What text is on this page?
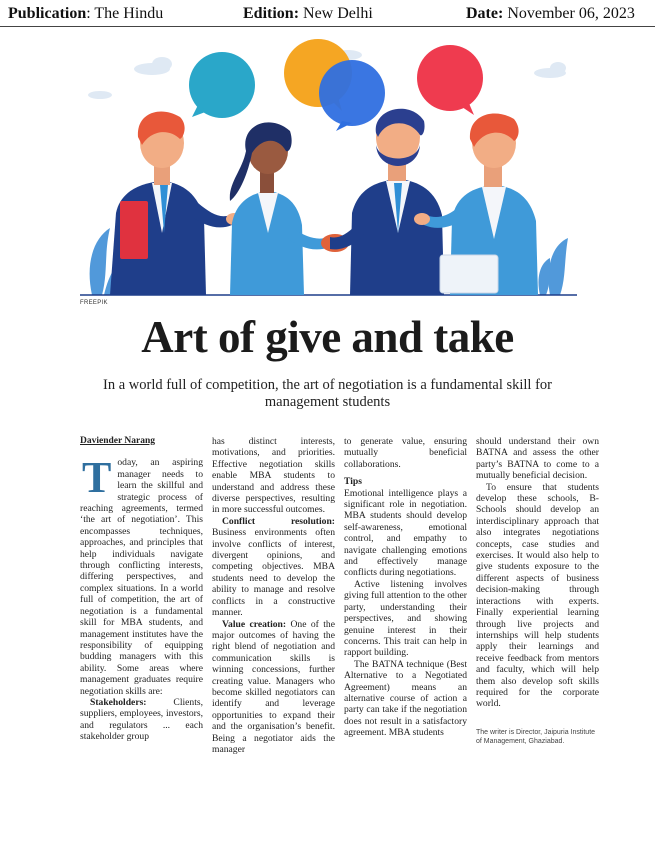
Publication: The Hindu	Edition: New Delhi	Date: November 06, 2023
FREEPIK
Art of give and take
In a world full of competition, the art of negotiation is a fundamental skill for management students
Daviender Narang

Today, an aspiring manager needs to learn the skillful and strategic process of reaching agreements, termed ‘the art of negotiation’. This encompasses techniques, approaches, and principles that help individuals navigate through conflicting interests, differing perspectives, and complex situations. In a world full of competition, the art of negotiation is a fundamental skill for MBA students, and management institutes have the responsibility of equipping budding managers with this ability. Some areas where management graduates require negotiation skills are:

Stakeholders: Clients, suppliers, employees, investors, and regulators ... each stakeholder group

has distinct interests, motivations, and priorities. Effective negotiation skills enable MBA students to understand and address these diverse perspectives, resulting in more successful outcomes.

Conflict resolution: Business environments often involve conflicts of interest, divergent opinions, and competing objectives. MBA students need to develop the ability to manage and resolve conflicts in a constructive manner.

Value creation: One of the major outcomes of having the right blend of negotiation and communication skills is winning concessions, further creating value. Managers who become skilled negotiators can identify and leverage opportunities to expand their and the organisation’s benefit. Being a negotiator aids the manager

to generate value, ensuring mutually beneficial collaborations.

Tips

Emotional intelligence plays a significant role in negotiation. MBA students should develop self-awareness, emotional control, and empathy to navigate challenging emotions and effectively manage conflicts during negotiations.

Active listening involves giving full attention to the other party, understanding their perspectives, and showing genuine interest in their concerns. This trait can help in rapport building.

The BATNA technique (Best Alternative to a Negotiated Agreement) means an alternative course of action a party can take if the negotiation does not result in a satisfactory agreement. MBA students

should understand their own BATNA and assess the other party’s BATNA to come to a mutually beneficial decision.

To ensure that students develop these schools, B-Schools should develop an interdisciplinary approach that also integrates negotiations concepts, case studies and exercises. It would also help to give students exposure to the different aspects of business decision-making through interactions with experts. Finally experiential learning through live projects and internships will help students apply their learnings and receive feedback from mentors and faculty, which will help them also develop soft skills required for the corporate world.

The writer is Director, Jaipuria Institute of Management, Ghaziabad.
